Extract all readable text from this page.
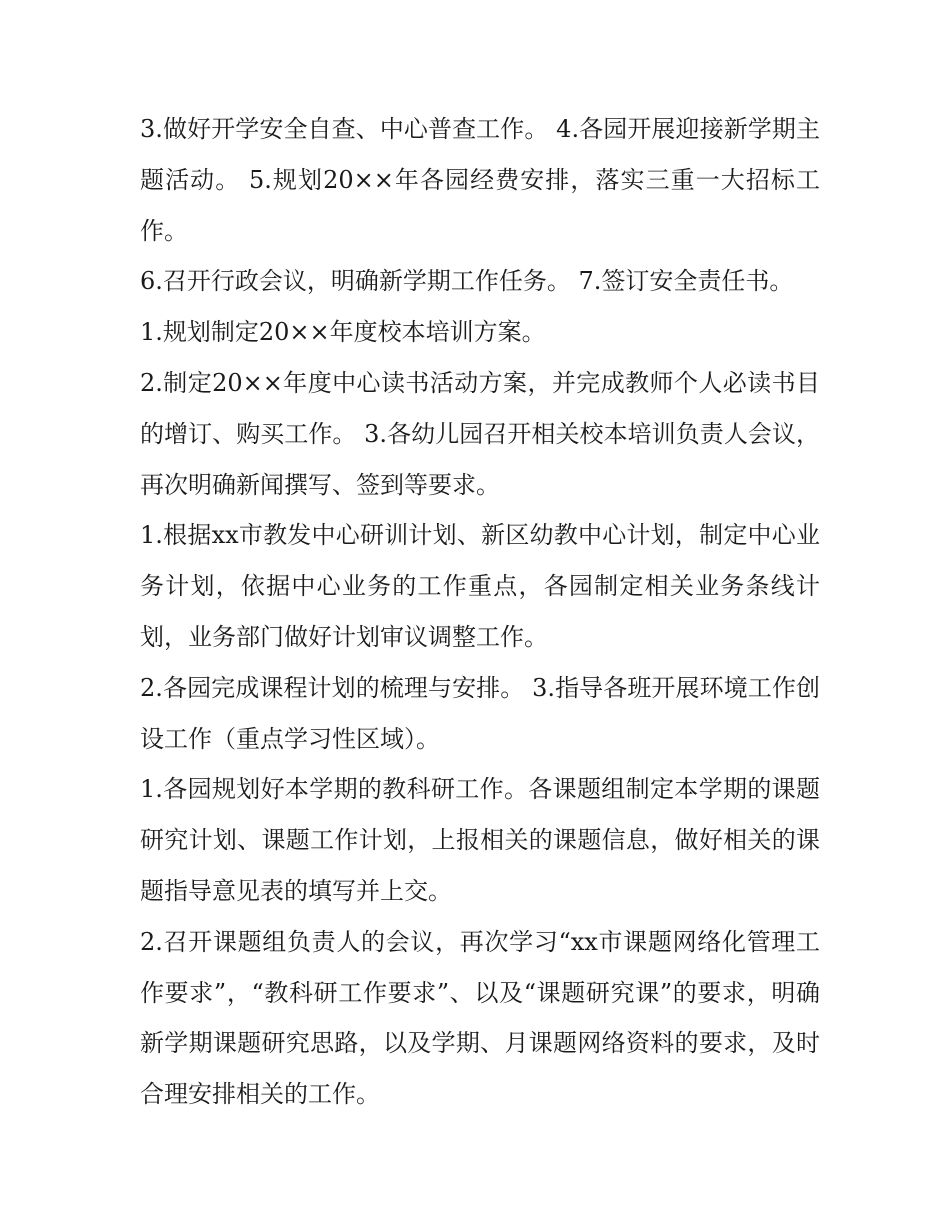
3.做好开学安全自查、中心普查工作。 4.各园开展迎接新学期主题活动。 5.规划20××年各园经费安排，落实三重一大招标工作。

6.召开行政会议，明确新学期工作任务。 7.签订安全责任书。

1.规划制定20××年度校本培训方案。

2.制定20××年度中心读书活动方案，并完成教师个人必读书目的增订、购买工作。 3.各幼儿园召开相关校本培训负责人会议，再次明确新闻撰写、签到等要求。

1.根据xx市教发中心研训计划、新区幼教中心计划，制定中心业务计划，依据中心业务的工作重点，各园制定相关业务条线计划，业务部门做好计划审议调整工作。

2.各园完成课程计划的梳理与安排。 3.指导各班开展环境工作创设工作（重点学习性区域）。

1.各园规划好本学期的教科研工作。各课题组制定本学期的课题研究计划、课题工作计划，上报相关的课题信息，做好相关的课题指导意见表的填写并上交。

2.召开课题组负责人的会议，再次学习“xx市课题网络化管理工作要求”，“教科研工作要求”、以及“课题研究课”的要求，明确新学期课题研究思路，以及学期、月课题网络资料的要求，及时合理安排相关的工作。
